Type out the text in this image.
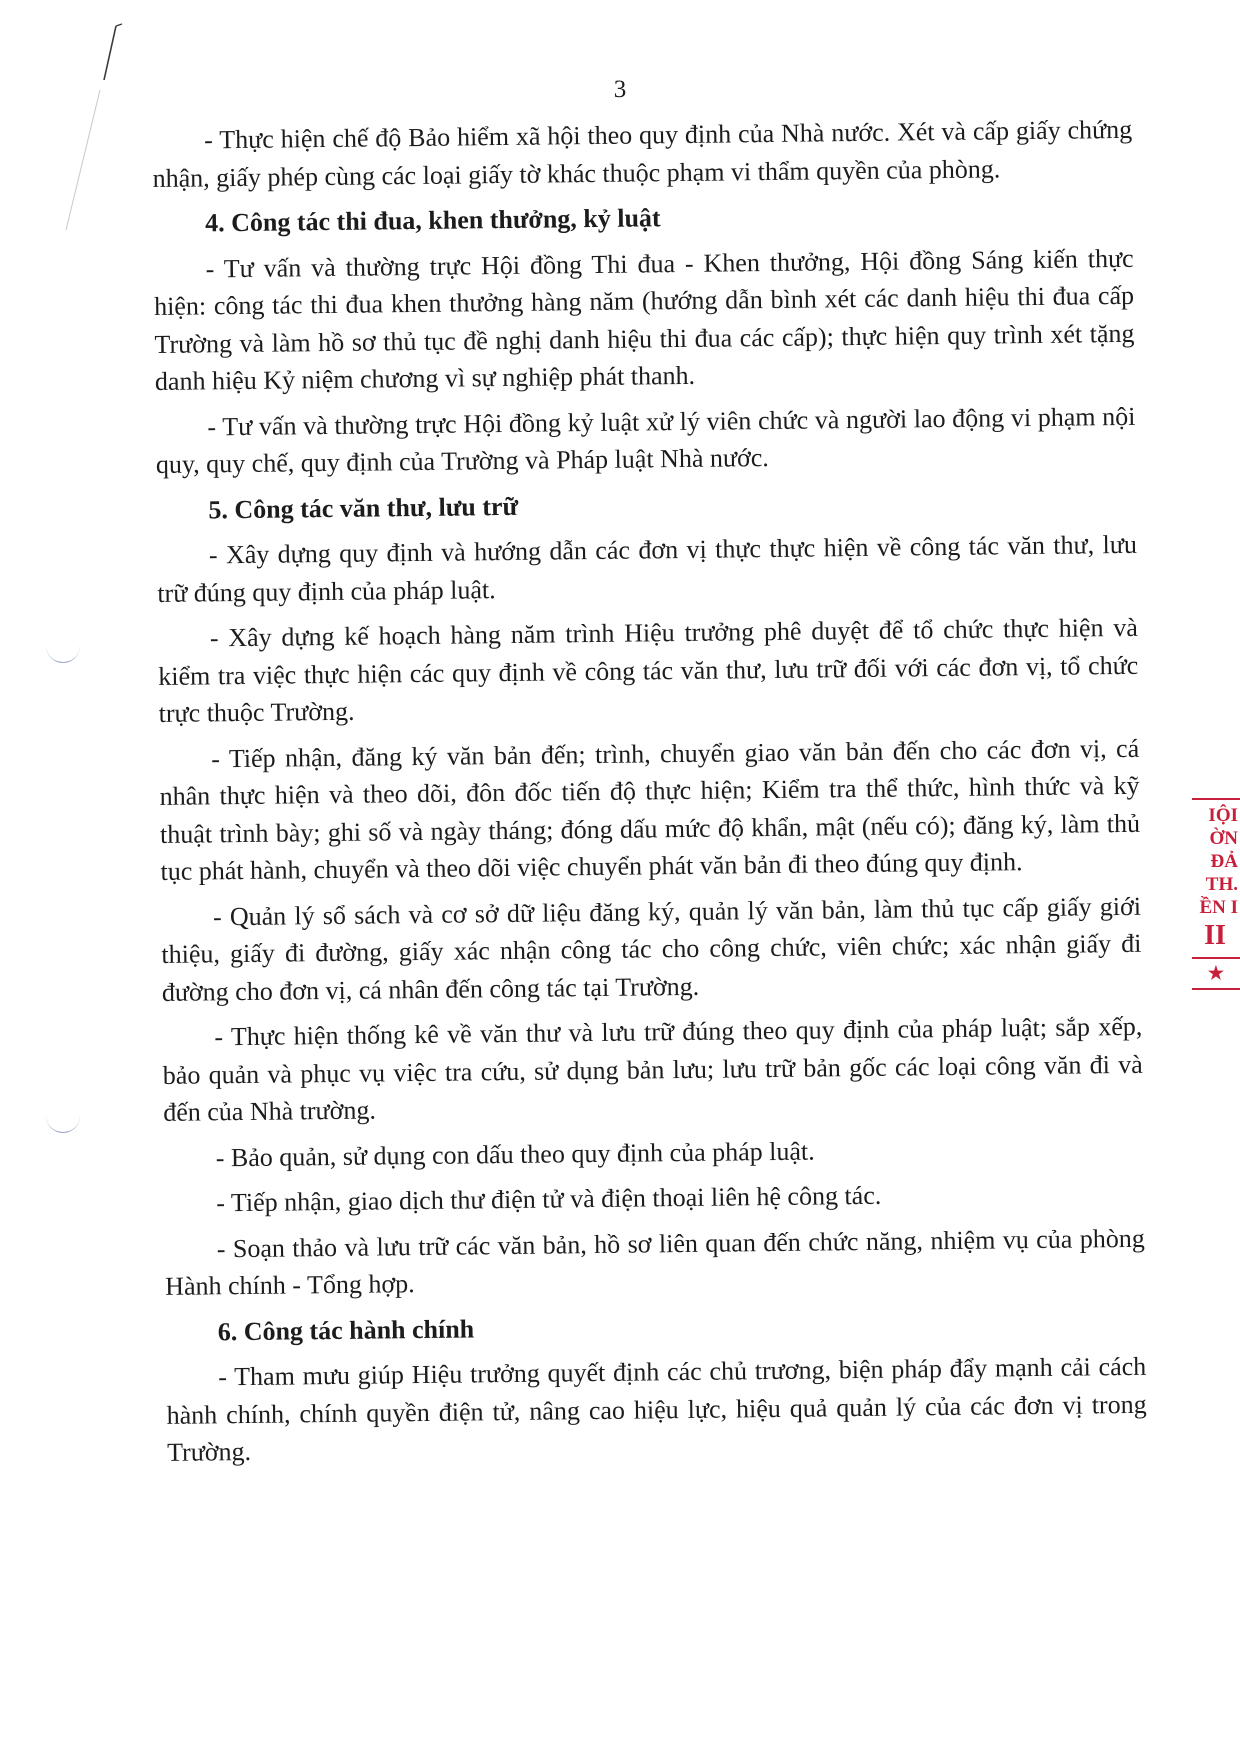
3

- Thực hiện chế độ Bảo hiểm xã hội theo quy định của Nhà nước. Xét và cấp giấy chứng nhận, giấy phép cùng các loại giấy tờ khác thuộc phạm vi thẩm quyền của phòng.

4. Công tác thi đua, khen thưởng, kỷ luật

- Tư vấn và thường trực Hội đồng Thi đua - Khen thưởng, Hội đồng Sáng kiến thực hiện: công tác thi đua khen thưởng hàng năm (hướng dẫn bình xét các danh hiệu thi đua cấp Trường và làm hồ sơ thủ tục đề nghị danh hiệu thi đua các cấp); thực hiện quy trình xét tặng danh hiệu Kỷ niệm chương vì sự nghiệp phát thanh.

- Tư vấn và thường trực Hội đồng kỷ luật xử lý viên chức và người lao động vi phạm nội quy, quy chế, quy định của Trường và Pháp luật Nhà nước.

5. Công tác văn thư, lưu trữ

- Xây dựng quy định và hướng dẫn các đơn vị thực thực hiện về công tác văn thư, lưu trữ đúng quy định của pháp luật.

- Xây dựng kế hoạch hàng năm trình Hiệu trưởng phê duyệt để tổ chức thực hiện và kiểm tra việc thực hiện các quy định về công tác văn thư, lưu trữ đối với các đơn vị, tổ chức trực thuộc Trường.

- Tiếp nhận, đăng ký văn bản đến; trình, chuyển giao văn bản đến cho các đơn vị, cá nhân thực hiện và theo dõi, đôn đốc tiến độ thực hiện; Kiểm tra thể thức, hình thức và kỹ thuật trình bày; ghi số và ngày tháng; đóng dấu mức độ khẩn, mật (nếu có); đăng ký, làm thủ tục phát hành, chuyển và theo dõi việc chuyển phát văn bản đi theo đúng quy định.

- Quản lý sổ sách và cơ sở dữ liệu đăng ký, quản lý văn bản, làm thủ tục cấp giấy giới thiệu, giấy đi đường, giấy xác nhận công tác cho công chức, viên chức; xác nhận giấy đi đường cho đơn vị, cá nhân đến công tác tại Trường.

- Thực hiện thống kê về văn thư và lưu trữ đúng theo quy định của pháp luật; sắp xếp, bảo quản và phục vụ việc tra cứu, sử dụng bản lưu; lưu trữ bản gốc các loại công văn đi và đến của Nhà trường.

- Bảo quản, sử dụng con dấu theo quy định của pháp luật.

- Tiếp nhận, giao dịch thư điện tử và điện thoại liên hệ công tác.

- Soạn thảo và lưu trữ các văn bản, hồ sơ liên quan đến chức năng, nhiệm vụ của phòng Hành chính - Tổng hợp.

6. Công tác hành chính

- Tham mưu giúp Hiệu trưởng quyết định các chủ trương, biện pháp đẩy mạnh cải cách hành chính, chính quyền điện tử, nâng cao hiệu lực, hiệu quả quản lý của các đơn vị trong Trường.

IỘI
ỜN
ĐẢ
TH.
ỀN I
II
★
